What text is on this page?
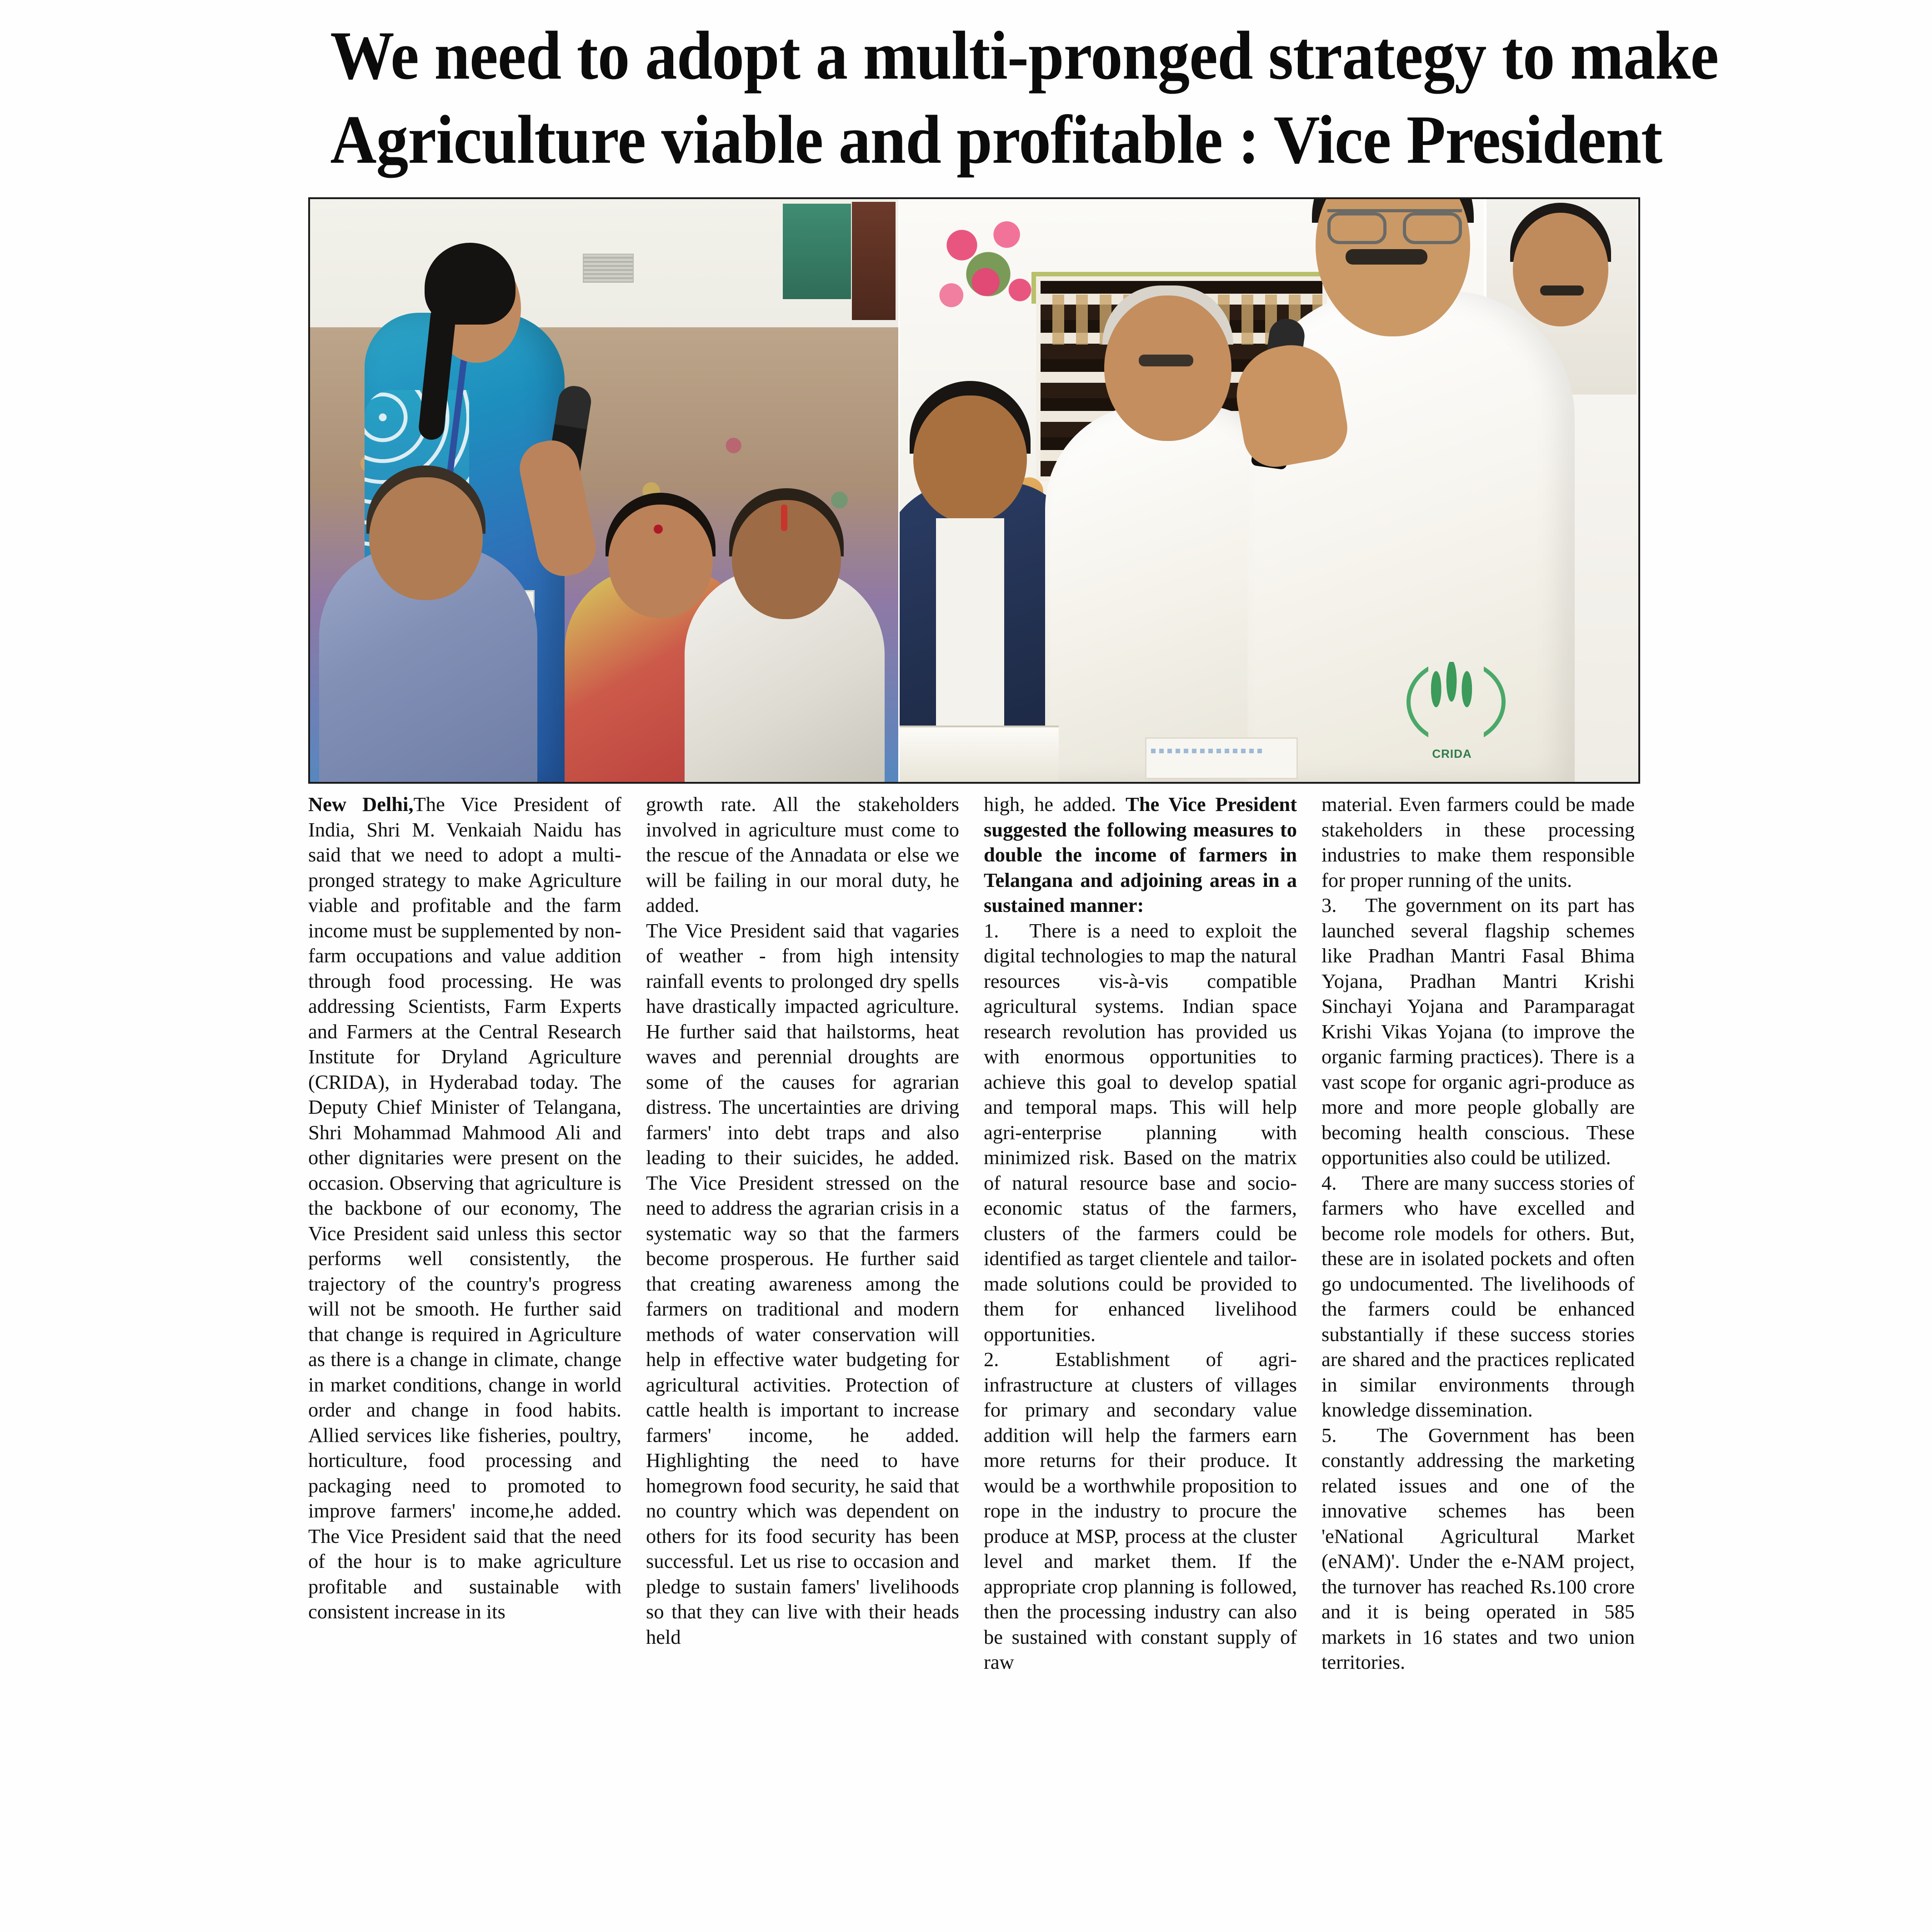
We need to adopt a multi-pronged strategy to make
Agriculture viable and profitable : Vice President
CRIDA

New Delhi,The Vice President of India, Shri M. Venkaiah Naidu has said that we need to adopt a multi-pronged strategy to make Agriculture viable and profitable and the farm income must be supplemented by non-farm occupations and value addition through food processing. He was addressing Scientists, Farm Experts and Farmers at the Central Research Institute for Dryland Agriculture (CRIDA), in Hyderabad today. The Deputy Chief Minister of Telangana, Shri Mohammad Mahmood Ali and other dignitaries were present on the occasion. Observing that agriculture is the backbone of our economy, The Vice President said unless this sector performs well consistently, the trajectory of the country's progress will not be smooth. He further said that change is required in Agriculture as there is a change in climate, change in market conditions, change in world order and change in food habits. Allied services like fisheries, poultry, horticulture, food processing and packaging need to promoted to improve farmers' income,he added. The Vice President said that the need of the hour is to make agriculture profitable and sustainable with consistent increase in its

growth rate. All the stakeholders involved in agriculture must come to the rescue of the Annadata or else we will be failing in our moral duty, he added.

The Vice President said that vagaries of weather - from high intensity rainfall events to prolonged dry spells have drastically impacted agriculture. He further said that hailstorms, heat waves and perennial droughts are some of the causes for agrarian distress. The uncertainties are driving farmers' into debt traps and also leading to their suicides, he added. The Vice President stressed on the need to address the agrarian crisis in a systematic way so that the farmers become prosperous. He further said that creating awareness among the farmers on traditional and modern methods of water conservation will help in effective water budgeting for agricultural activities. Protection of cattle health is important to increase farmers' income, he added. Highlighting the need to have homegrown food security, he said that no country which was dependent on others for its food security has been successful. Let us rise to occasion and pledge to sustain famers' livelihoods so that they can live with their heads held

high, he added. The Vice President suggested the following measures to double the income of farmers in Telangana and adjoining areas in a sustained manner:

1.  There is a need to exploit the digital technologies to map the natural resources vis-à-vis compatible agricultural systems. Indian space research revolution has provided us with enormous opportunities to achieve this goal to develop spatial and temporal maps. This will help agri-enterprise planning with minimized risk. Based on the matrix of natural resource base and socio-economic status of the farmers, clusters of the farmers could be identified as target clientele and tailor-made solutions could be provided to them for enhanced livelihood opportunities.

2.  Establishment of agri-infrastructure at clusters of villages for primary and secondary value addition will help the farmers earn more returns for their produce. It would be a worthwhile proposition to rope in the industry to procure the produce at MSP, process at the cluster level and market them. If the appropriate crop planning is followed, then the processing industry can also be sustained with constant supply of raw

material. Even farmers could be made stakeholders in these processing industries to make them responsible for proper running of the units.

3.  The government on its part has launched several flagship schemes like Pradhan Mantri Fasal Bhima Yojana, Pradhan Mantri Krishi Sinchayi Yojana and Paramparagat Krishi Vikas Yojana (to improve the organic farming practices). There is a vast scope for organic agri-produce as more and more people globally are becoming health conscious. These opportunities also could be utilized.

4.  There are many success stories of farmers who have excelled and become role models for others. But, these are in isolated pockets and often go undocumented. The livelihoods of the farmers could be enhanced substantially if these success stories are shared and the practices replicated in similar environments through knowledge dissemination.

5.  The Government has been constantly addressing the marketing related issues and one of the innovative schemes has been 'eNational Agricultural Market (eNAM)'. Under the e-NAM project, the turnover has reached Rs.100 crore and it is being operated in 585 markets in 16 states and two union territories.
